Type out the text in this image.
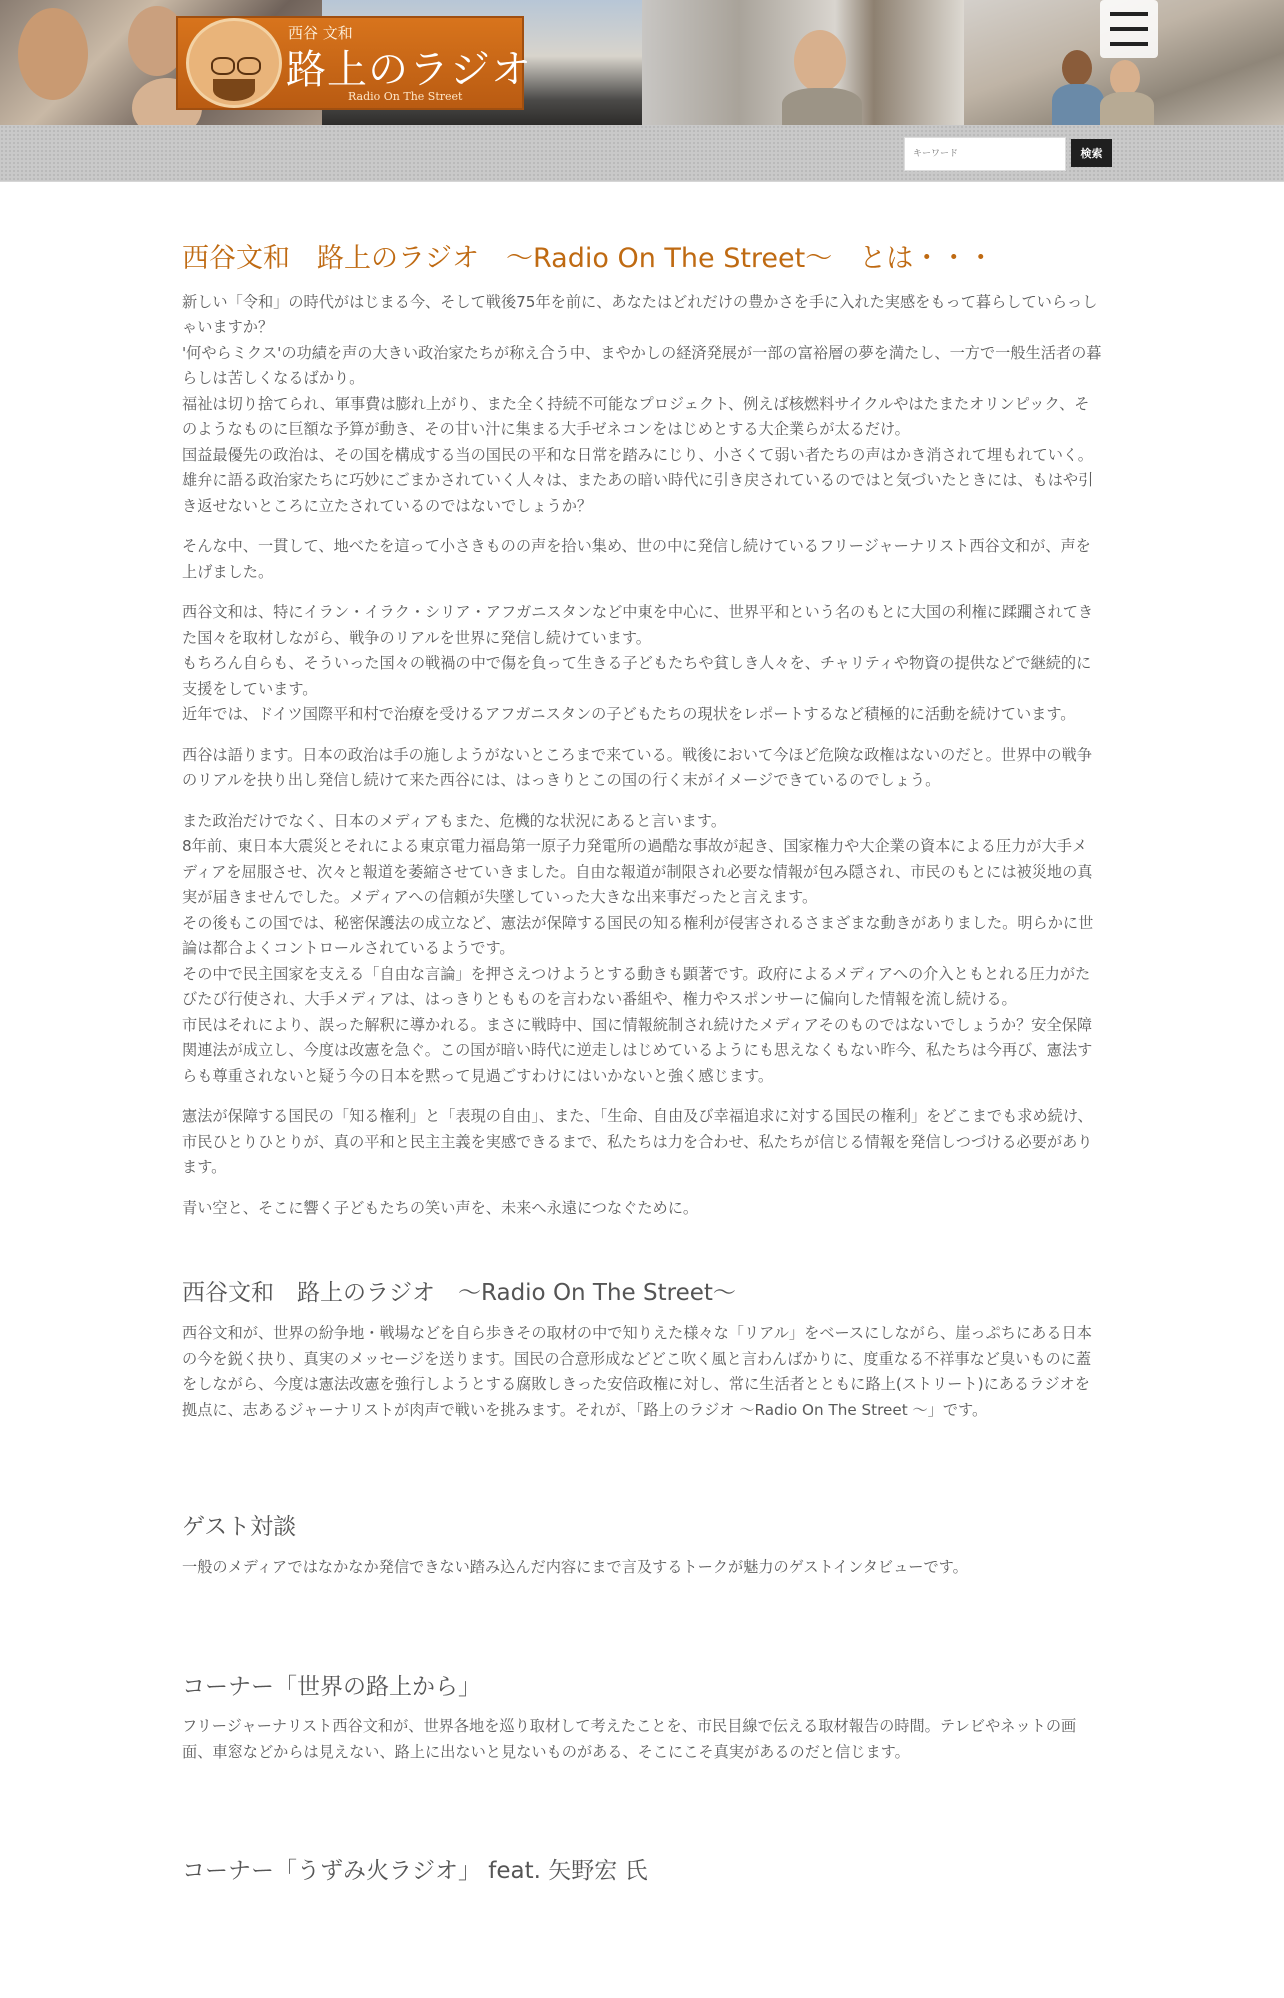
西谷 文和
路上のラジオ
Radio On The Street
キーワード
検索
西谷文和　路上のラジオ　〜Radio On The Street〜　とは・・・

新しい「令和」の時代がはじまる今、そして戦後75年を前に、あなたはどれだけの豊かさを手に入れた実感をもって暮らしていらっしゃいますか？
'何やらミクス'の功績を声の大きい政治家たちが称え合う中、まやかしの経済発展が一部の富裕層の夢を満たし、一方で一般生活者の暮らしは苦しくなるばかり。
福祉は切り捨てられ、軍事費は膨れ上がり、また全く持続不可能なプロジェクト、例えば核燃料サイクルやはたまたオリンピック、そのようなものに巨額な予算が動き、その甘い汁に集まる大手ゼネコンをはじめとする大企業らが太るだけ。
国益最優先の政治は、その国を構成する当の国民の平和な日常を踏みにじり、小さくて弱い者たちの声はかき消されて埋もれていく。
雄弁に語る政治家たちに巧妙にごまかされていく人々は、またあの暗い時代に引き戻されているのではと気づいたときには、もはや引き返せないところに立たされているのではないでしょうか？

そんな中、一貫して、地べたを這って小さきものの声を拾い集め、世の中に発信し続けているフリージャーナリスト西谷文和が、声を上げました。

西谷文和は、特にイラン・イラク・シリア・アフガニスタンなど中東を中心に、世界平和という名のもとに大国の利権に蹂躙されてきた国々を取材しながら、戦争のリアルを世界に発信し続けています。
もちろん自らも、そういった国々の戦禍の中で傷を負って生きる子どもたちや貧しき人々を、チャリティや物資の提供などで継続的に支援をしています。
近年では、ドイツ国際平和村で治療を受けるアフガニスタンの子どもたちの現状をレポートするなど積極的に活動を続けています。

西谷は語ります。日本の政治は手の施しようがないところまで来ている。戦後において今ほど危険な政権はないのだと。世界中の戦争のリアルを抉り出し発信し続けて来た西谷には、はっきりとこの国の行く末がイメージできているのでしょう。

また政治だけでなく、日本のメディアもまた、危機的な状況にあると言います。
8年前、東日本大震災とそれによる東京電力福島第一原子力発電所の過酷な事故が起き、国家権力や大企業の資本による圧力が大手メディアを屈服させ、次々と報道を萎縮させていきました。自由な報道が制限され必要な情報が包み隠され、市民のもとには被災地の真実が届きませんでした。メディアへの信頼が失墜していった大きな出来事だったと言えます。
その後もこの国では、秘密保護法の成立など、憲法が保障する国民の知る権利が侵害されるさまざまな動きがありました。明らかに世論は都合よくコントロールされているようです。
その中で民主国家を支える「自由な言論」を押さえつけようとする動きも顕著です。政府によるメディアへの介入ともとれる圧力がたびたび行使され、大手メディアは、はっきりともものを言わない番組や、権力やスポンサーに偏向した情報を流し続ける。
市民はそれにより、誤った解釈に導かれる。まさに戦時中、国に情報統制され続けたメディアそのものではないでしょうか？安全保障関連法が成立し、今度は改憲を急ぐ。この国が暗い時代に逆走しはじめているようにも思えなくもない昨今、私たちは今再び、憲法すらも尊重されないと疑う今の日本を黙って見過ごすわけにはいかないと強く感じます。

憲法が保障する国民の「知る権利」と「表現の自由」、また、「生命、自由及び幸福追求に対する国民の権利」をどこまでも求め続け、市民ひとりひとりが、真の平和と民主主義を実感できるまで、私たちは力を合わせ、私たちが信じる情報を発信しつづける必要があります。

青い空と、そこに響く子どもたちの笑い声を、未来へ永遠につなぐために。

西谷文和　路上のラジオ　〜Radio On The Street〜

西谷文和が、世界の紛争地・戦場などを自ら歩きその取材の中で知りえた様々な「リアル」をベースにしながら、崖っぷちにある日本の今を鋭く抉り、真実のメッセージを送ります。国民の合意形成などどこ吹く風と言わんばかりに、度重なる不祥事など臭いものに蓋をしながら、今度は憲法改憲を強行しようとする腐敗しきった安倍政権に対し、常に生活者とともに路上(ストリート)にあるラジオを拠点に、志あるジャーナリストが肉声で戦いを挑みます。それが、「路上のラジオ 〜Radio On The Street 〜」です。

ゲスト対談

一般のメディアではなかなか発信できない踏み込んだ内容にまで言及するトークが魅力のゲストインタビューです。

コーナー「世界の路上から」

フリージャーナリスト西谷文和が、世界各地を巡り取材して考えたことを、市民目線で伝える取材報告の時間。テレビやネットの画面、車窓などからは見えない、路上に出ないと見ないものがある、そこにこそ真実があるのだと信じます。

コーナー「うずみ火ラジオ」 feat. 矢野宏 氏
